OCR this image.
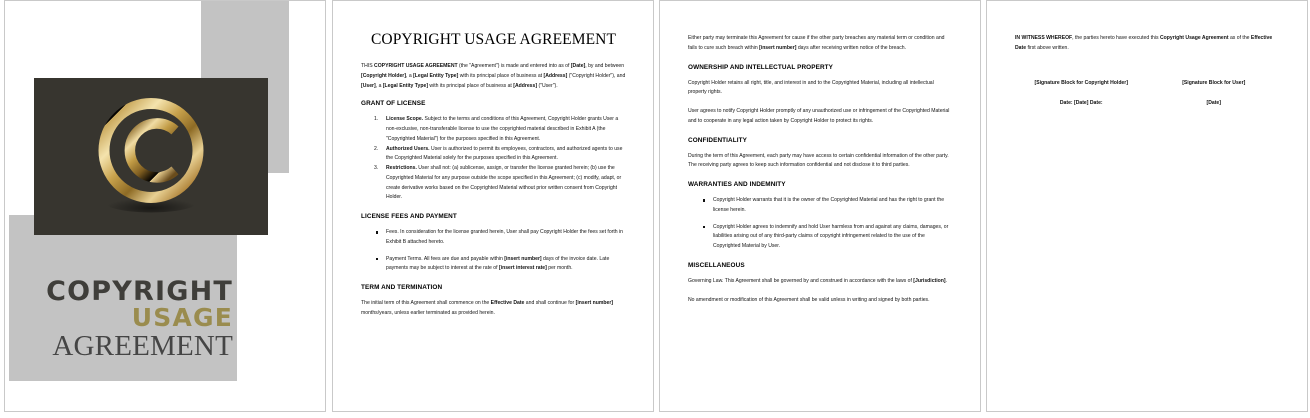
COPYRIGHT
USAGE
AGREEMENT
COPYRIGHT USAGE AGREEMENT

THIS COPYRIGHT USAGE AGREEMENT (the "Agreement") is made and entered into as of [Date], by and between [Copyright Holder], a [Legal Entity Type] with its principal place of business at [Address] ("Copyright Holder"), and [User], a [Legal Entity Type] with its principal place of business at [Address] ("User").

GRANT OF LICENSE
License Scope. Subject to the terms and conditions of this Agreement, Copyright Holder grants User a non-exclusive, non-transferable license to use the copyrighted material described in Exhibit A (the "Copyrighted Material") for the purposes specified in this Agreement.
Authorized Users. User is authorized to permit its employees, contractors, and authorized agents to use the Copyrighted Material solely for the purposes specified in this Agreement.
Restrictions. User shall not: (a) sublicense, assign, or transfer the license granted herein; (b) use the Copyrighted Material for any purpose outside the scope specified in this Agreement; (c) modify, adapt, or create derivative works based on the Copyrighted Material without prior written consent from Copyright Holder.
LICENSE FEES AND PAYMENT
Fees. In consideration for the license granted herein, User shall pay Copyright Holder the fees set forth in Exhibit B attached hereto.
Payment Terms. All fees are due and payable within [insert number] days of the invoice date. Late payments may be subject to interest at the rate of [insert interest rate] per month.
TERM AND TERMINATION

The initial term of this Agreement shall commence on the Effective Date and shall continue for [insert number] months/years, unless earlier terminated as provided herein.

Either party may terminate this Agreement for cause if the other party breaches any material term or condition and fails to cure such breach within [insert number] days after receiving written notice of the breach.

OWNERSHIP AND INTELLECTUAL PROPERTY

Copyright Holder retains all right, title, and interest in and to the Copyrighted Material, including all intellectual property rights.

User agrees to notify Copyright Holder promptly of any unauthorized use or infringement of the Copyrighted Material and to cooperate in any legal action taken by Copyright Holder to protect its rights.

CONFIDENTIALITY

During the term of this Agreement, each party may have access to certain confidential information of the other party. The receiving party agrees to keep such information confidential and not disclose it to third parties.

WARRANTIES AND INDEMNITY
Copyright Holder warrants that it is the owner of the Copyrighted Material and has the right to grant the license herein.
Copyright Holder agrees to indemnify and hold User harmless from and against any claims, damages, or liabilities arising out of any third-party claims of copyright infringement related to the use of the Copyrighted Material by User.
MISCELLANEOUS

Governing Law. This Agreement shall be governed by and construed in accordance with the laws of [Jurisdiction].

No amendment or modification of this Agreement shall be valid unless in writing and signed by both parties.

IN WITNESS WHEREOF, the parties hereto have executed this Copyright Usage Agreement as of the Effective Date first above written.

[Signature Block for Copyright Holder]	[Signature Block for User]
Date: [Date] Date:	[Date]
